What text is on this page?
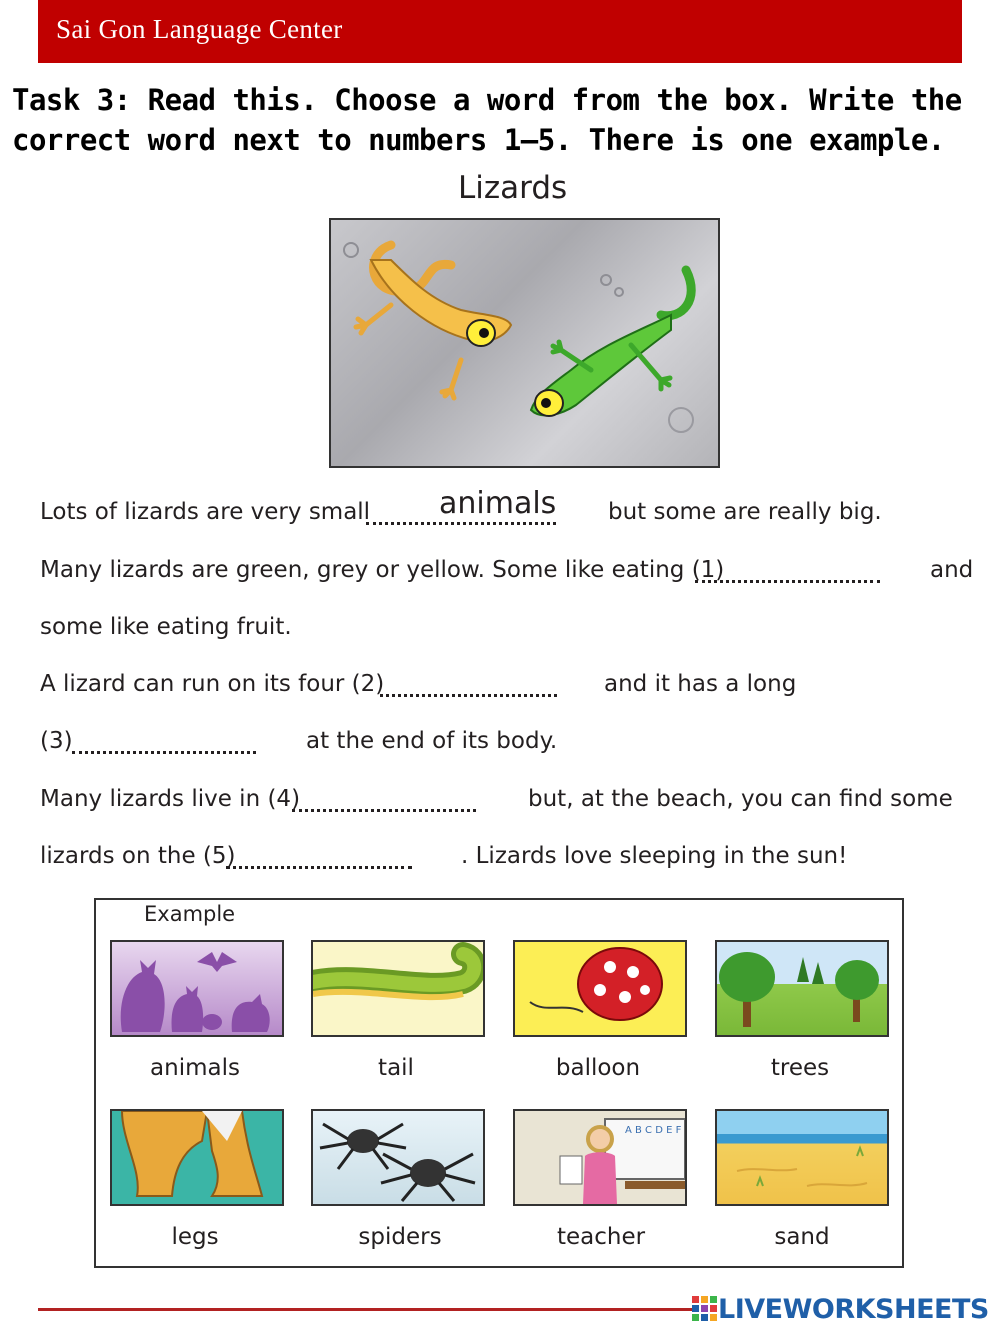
Sai Gon Language Center
Task 3: Read this. Choose a word from the box. Write the correct word next to numbers 1–5. There is one example.
Lizards
Lots of lizards are very small animals but some are really big.
Many lizards are green, grey or yellow. Some like eating (1)	and
some like eating fruit.
A lizard can run on its four (2)	and it has a long
(3)	at the end of its body.
Many lizards live in (4)	but, at the beach, you can find some
lizards on the (5)	. Lizards love sleeping in the sun!
Example
animals	tail	balloon	trees
A B C D E F
legs	spiders	teacher	sand
LIVEWORKSHEETS
